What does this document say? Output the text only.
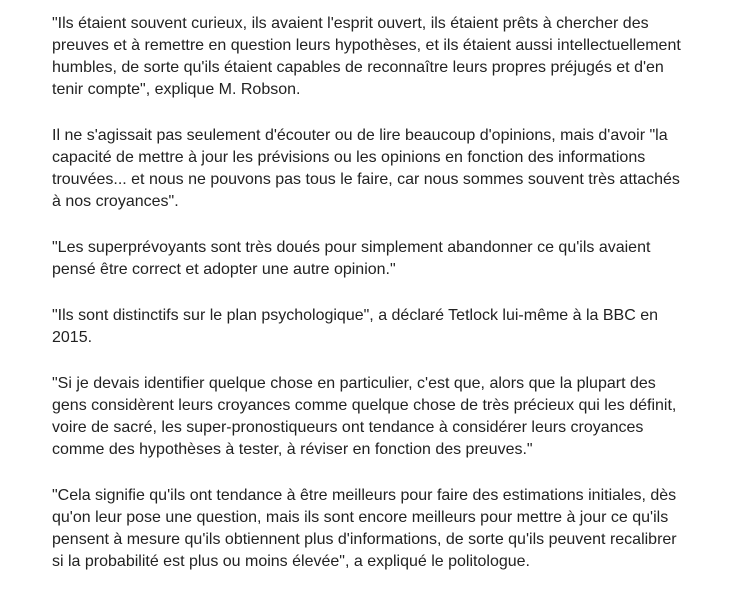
"Ils étaient souvent curieux, ils avaient l'esprit ouvert, ils étaient prêts à chercher des preuves et à remettre en question leurs hypothèses, et ils étaient aussi intellectuellement humbles, de sorte qu'ils étaient capables de reconnaître leurs propres préjugés et d'en tenir compte", explique M. Robson.

Il ne s'agissait pas seulement d'écouter ou de lire beaucoup d'opinions, mais d'avoir "la capacité de mettre à jour les prévisions ou les opinions en fonction des informations trouvées... et nous ne pouvons pas tous le faire, car nous sommes souvent très attachés à nos croyances".

"Les superprévoyants sont très doués pour simplement abandonner ce qu'ils avaient pensé être correct et adopter une autre opinion."

"Ils sont distinctifs sur le plan psychologique", a déclaré Tetlock lui-même à la BBC en 2015.

"Si je devais identifier quelque chose en particulier, c'est que, alors que la plupart des gens considèrent leurs croyances comme quelque chose de très précieux qui les définit, voire de sacré, les super-pronostiqueurs ont tendance à considérer leurs croyances comme des hypothèses à tester, à réviser en fonction des preuves."

"Cela signifie qu'ils ont tendance à être meilleurs pour faire des estimations initiales, dès qu'on leur pose une question, mais ils sont encore meilleurs pour mettre à jour ce qu'ils pensent à mesure qu'ils obtiennent plus d'informations, de sorte qu'ils peuvent recalibrer si la probabilité est plus ou moins élevée", a expliqué le politologue.
